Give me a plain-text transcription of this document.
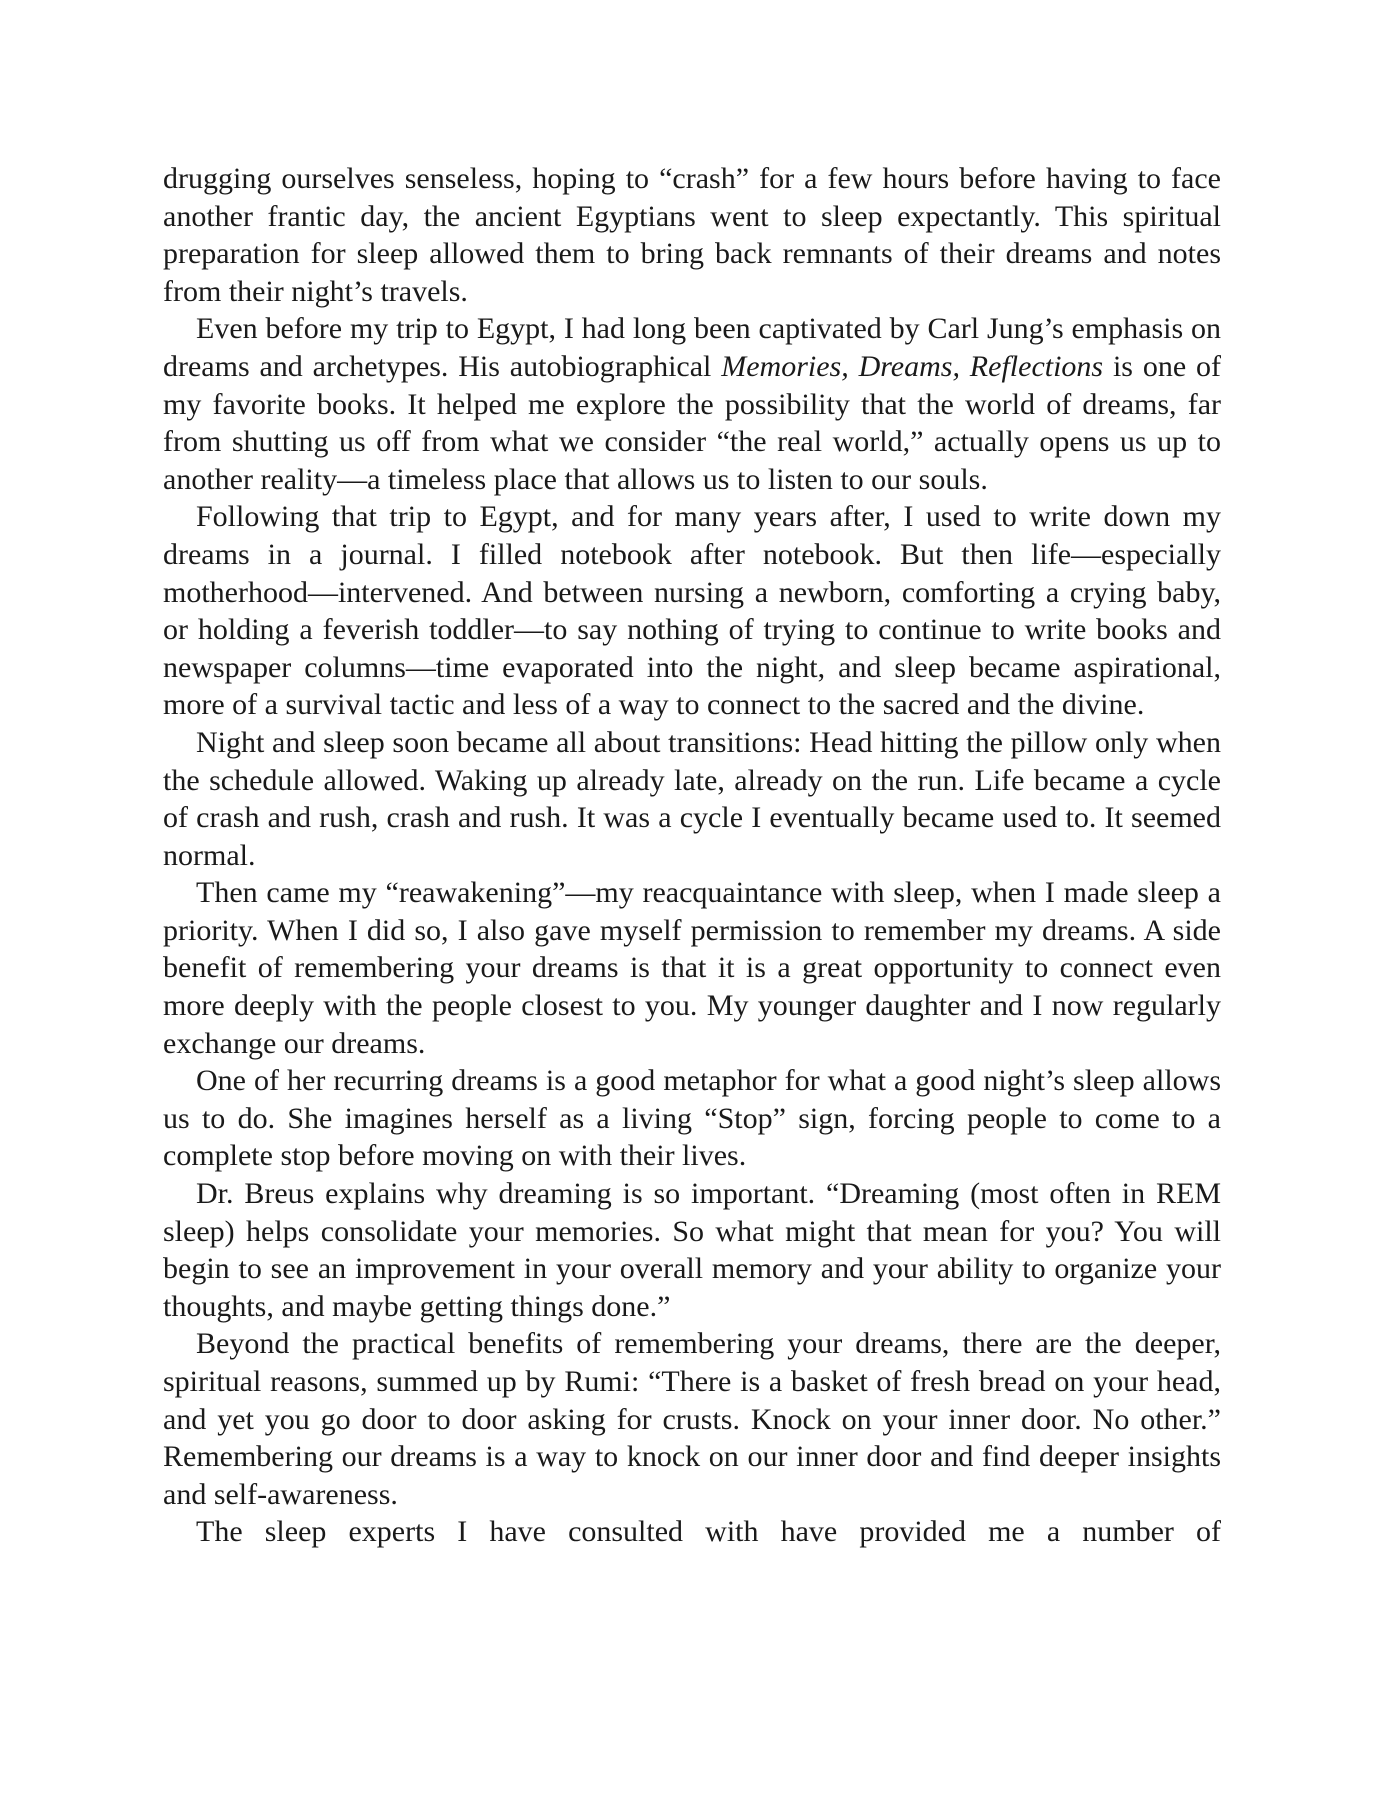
drugging ourselves senseless, hoping to “crash” for a few hours before having to face another frantic day, the ancient Egyptians went to sleep expectantly. This spiritual preparation for sleep allowed them to bring back remnants of their dreams and notes from their night’s travels.

Even before my trip to Egypt, I had long been captivated by Carl Jung’s emphasis on dreams and archetypes. His autobiographical Memories, Dreams, Reflections is one of my favorite books. It helped me explore the possibility that the world of dreams, far from shutting us off from what we consider “the real world,” actually opens us up to another reality—a timeless place that allows us to listen to our souls.

Following that trip to Egypt, and for many years after, I used to write down my dreams in a journal. I filled notebook after notebook. But then life—especially motherhood—intervened. And between nursing a newborn, comforting a crying baby, or holding a feverish toddler—to say nothing of trying to continue to write books and newspaper columns—time evaporated into the night, and sleep became aspirational, more of a survival tactic and less of a way to connect to the sacred and the divine.

Night and sleep soon became all about transitions: Head hitting the pillow only when the schedule allowed. Waking up already late, already on the run. Life became a cycle of crash and rush, crash and rush. It was a cycle I eventually became used to. It seemed normal.

Then came my “reawakening”—my reacquaintance with sleep, when I made sleep a priority. When I did so, I also gave myself permission to remember my dreams. A side benefit of remembering your dreams is that it is a great opportunity to connect even more deeply with the people closest to you. My younger daughter and I now regularly exchange our dreams.

One of her recurring dreams is a good metaphor for what a good night’s sleep allows us to do. She imagines herself as a living “Stop” sign, forcing people to come to a complete stop before moving on with their lives.

Dr. Breus explains why dreaming is so important. “Dreaming (most often in REM sleep) helps consolidate your memories. So what might that mean for you? You will begin to see an improvement in your overall memory and your ability to organize your thoughts, and maybe getting things done.”

Beyond the practical benefits of remembering your dreams, there are the deeper, spiritual reasons, summed up by Rumi: “There is a basket of fresh bread on your head, and yet you go door to door asking for crusts. Knock on your inner door. No other.” Remembering our dreams is a way to knock on our inner door and find deeper insights and self-awareness.

The sleep experts I have consulted with have provided me a number of
